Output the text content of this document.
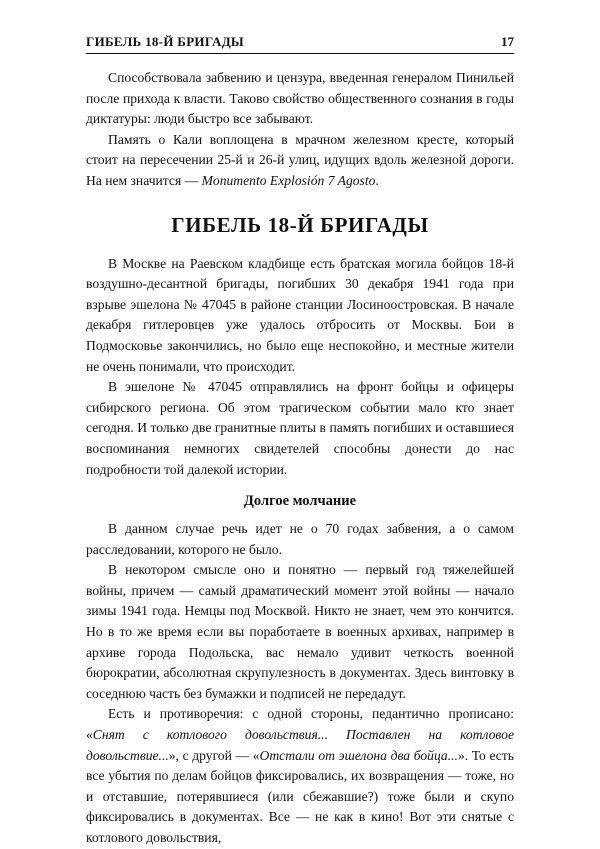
ГИБЕЛЬ 18-Й БРИГАДЫ	17

Способствовала забвению и цензура, введенная генералом Пинильей после прихода к власти. Таково свойство общественного сознания в годы диктатуры: люди быстро все забывают.

Память о Кали воплощена в мрачном железном кресте, который стоит на пересечении 25-й и 26-й улиц, идущих вдоль железной дороги. На нем значится — Monumento Explosión 7 Agosto.

ГИБЕЛЬ 18-Й БРИГАДЫ

В Москве на Раевском кладбище есть братская могила бойцов 18-й воздушно-десантной бригады, погибших 30 декабря 1941 года при взрыве эшелона № 47045 в районе станции Лосиноостровская. В начале декабря гитлеровцев уже удалось отбросить от Москвы. Бои в Подмосковье закончились, но было еще неспокойно, и местные жители не очень понимали, что происходит.

В эшелоне № 47045 отправлялись на фронт бойцы и офицеры сибирского региона. Об этом трагическом событии мало кто знает сегодня. И только две гранитные плиты в память погибших и оставшиеся воспоминания немногих свидетелей способны донести до нас подробности той далекой истории.

Долгое молчание

В данном случае речь идет не о 70 годах забвения, а о самом расследовании, которого не было.

В некотором смысле оно и понятно — первый год тяжелейшей войны, причем — самый драматический момент этой войны — начало зимы 1941 года. Немцы под Москвой. Никто не знает, чем это кончится. Но в то же время если вы поработаете в военных архивах, например в архиве города Подольска, вас немало удивит четкость военной бюрократии, абсолютная скрупулезность в документах. Здесь винтовку в соседнюю часть без бумажки и подписей не передадут.

Есть и противоречия: с одной стороны, педантично прописано: «Снят с котлового довольствия... Поставлен на котловое довольствие...», с другой — «Отстали от эшелона два бойца...». То есть все убытия по делам бойцов фиксировались, их возвращения — тоже, но и отставшие, потерявшиеся (или сбежавшие?) тоже были и скупо фиксировались в документах. Все — не как в кино! Вот эти снятые с котлового довольствия,
